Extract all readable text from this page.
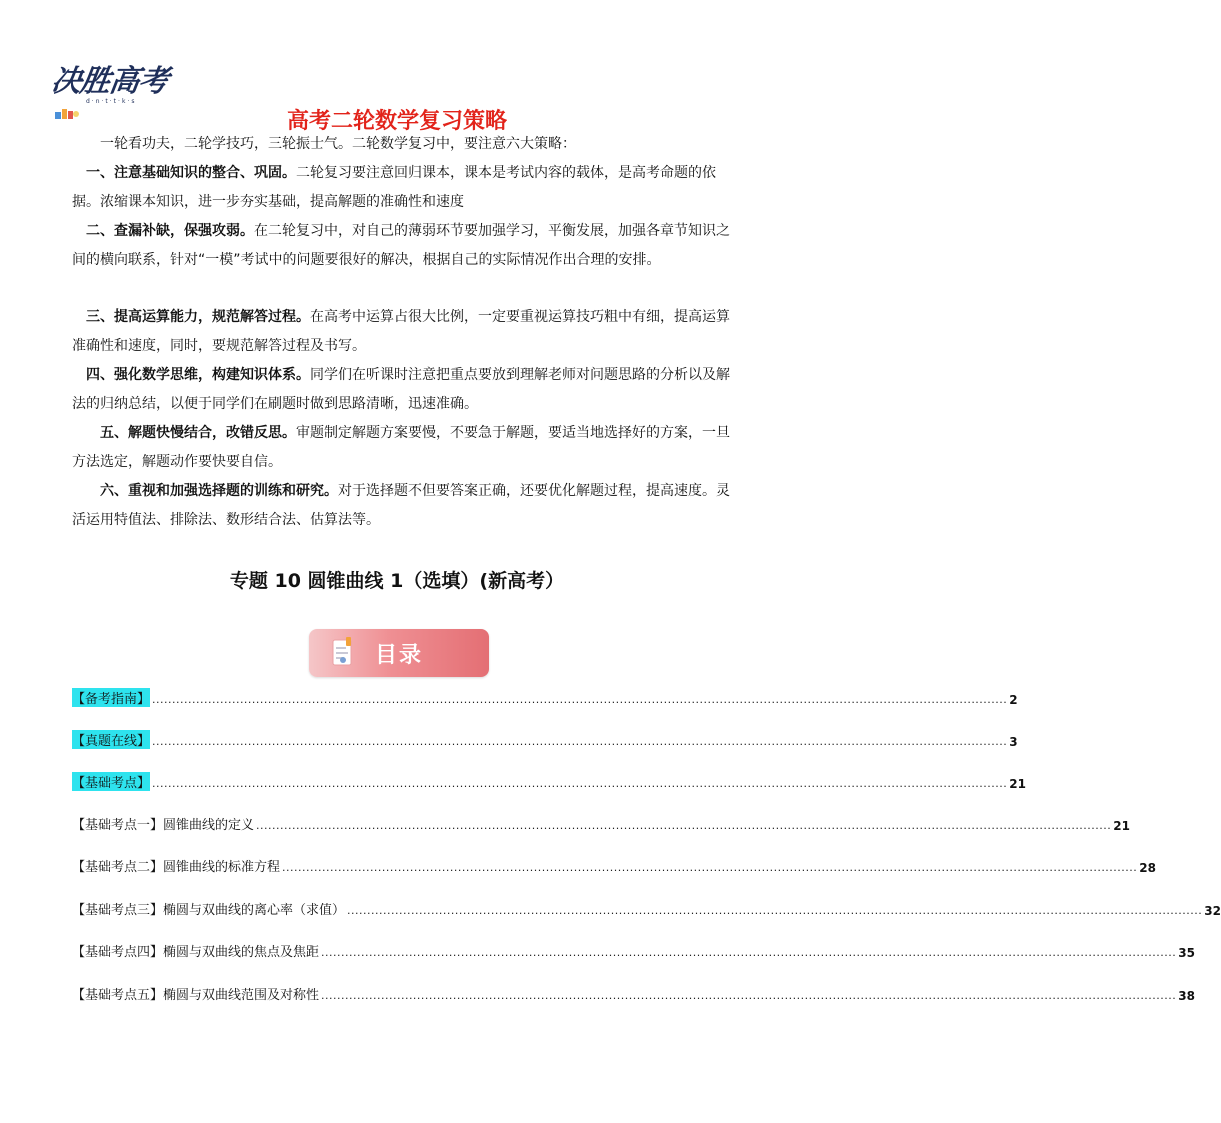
决胜高考
d·n·t·t·k·s
高考二轮数学复习策略
一轮看功夫，二轮学技巧，三轮振士气。二轮数学复习中，要注意六大策略：
一、注意基础知识的整合、巩固。二轮复习要注意回归课本，课本是考试内容的载体，是高考命题的依据。浓缩课本知识，进一步夯实基础，提高解题的准确性和速度
二、查漏补缺，保强攻弱。在二轮复习中，对自己的薄弱环节要加强学习，平衡发展，加强各章节知识之间的横向联系，针对“一模”考试中的问题要很好的解决，根据自己的实际情况作出合理的安排。
三、提高运算能力，规范解答过程。在高考中运算占很大比例，一定要重视运算技巧粗中有细，提高运算准确性和速度，同时，要规范解答过程及书写。
四、强化数学思维，构建知识体系。同学们在听课时注意把重点要放到理解老师对问题思路的分析以及解法的归纳总结，以便于同学们在刷题时做到思路清晰，迅速准确。
五、解题快慢结合，改错反思。审题制定解题方案要慢，不要急于解题，要适当地选择好的方案，一旦方法选定，解题动作要快要自信。
六、重视和加强选择题的训练和研究。对于选择题不但要答案正确，还要优化解题过程，提高速度。灵活运用特值法、排除法、数形结合法、估算法等。
专题 10 圆锥曲线 1（选填）(新高考）
目录
【备考指南】 ...................................................................................................................................................................................................................... 2
【真题在线】 ...................................................................................................................................................................................................................... 3
【基础考点】 ...................................................................................................................................................................................................................... 21
【基础考点一】圆锥曲线的定义 ...................................................................................................................................................................................................................... 21
【基础考点二】圆锥曲线的标准方程 ...................................................................................................................................................................................................................... 28
【基础考点三】椭圆与双曲线的离心率（求值） ...................................................................................................................................................................................................................... 32
【基础考点四】椭圆与双曲线的焦点及焦距 ...................................................................................................................................................................................................................... 35
【基础考点五】椭圆与双曲线范围及对称性 ...................................................................................................................................................................................................................... 38
